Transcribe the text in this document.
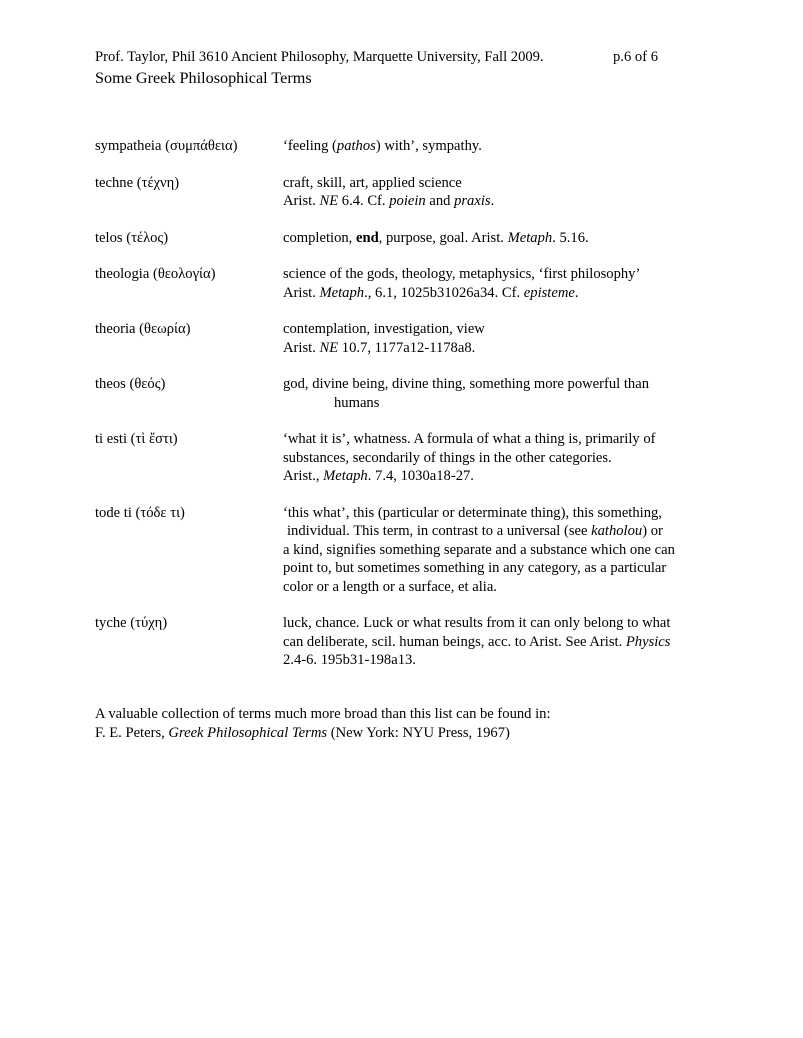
Prof. Taylor, Phil 3610 Ancient Philosophy, Marquette University, Fall 2009.	p.6 of 6
Some Greek Philosophical Terms
sympatheia (συμπάθεια)	‘feeling (pathos) with’, sympathy.
techne (τέχνη)	craft, skill, art, applied science
Arist. NE 6.4. Cf. poiein and praxis.
telos (τέλος)	completion, end, purpose, goal. Arist. Metaph. 5.16.
theologia (θεολογία)	science of the gods, theology, metaphysics, ‘first philosophy’
Arist. Metaph., 6.1, 1025b31026a34. Cf. episteme.
theoria (θεωρία)	contemplation, investigation, view
Arist. NE 10.7, 1177a12-1178a8.
theos (θεός)	god, divine being, divine thing, something more powerful than
humans
ti esti (τὶ ἔστι)	‘what it is’, whatness. A formula of what a thing is, primarily of
substances, secondarily of things in the other categories.
Arist., Metaph. 7.4, 1030a18-27.
tode ti (τόδε τι)	‘this what’, this (particular or determinate thing), this something,
individual. This term, in contrast to a universal (see katholou) or
a kind, signifies something separate and a substance which one can
point to, but sometimes something in any category, as a particular
color or a length or a surface, et alia.
tyche (τύχη)	luck, chance. Luck or what results from it can only belong to what
can deliberate, scil. human beings, acc. to Arist. See Arist. Physics
2.4-6. 195b31-198a13.
A valuable collection of terms much more broad than this list can be found in:
F. E. Peters, Greek Philosophical Terms (New York: NYU Press, 1967)
